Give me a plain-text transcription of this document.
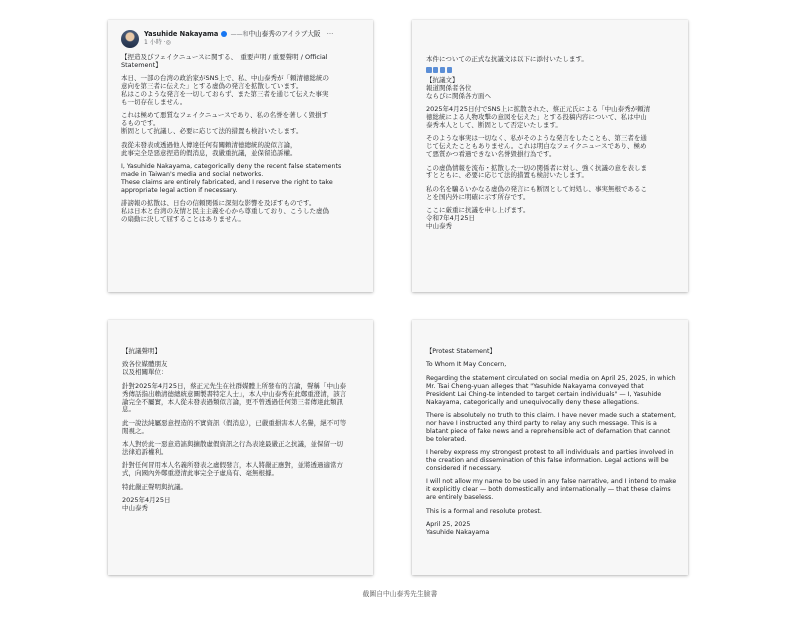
Yasuhide Nakayama ——和中山泰秀のアイラブ大阪 ···
1 小時 ·◎
【捏造及びフェイクニュースに関する、　重要声明 / 重要聲明 / Official
Statement】
本日、一部の台湾の政治家がSNS上で、私、中山泰秀が「頼清徳総統の
意向を第三者に伝えた」とする虚偽の発言を拡散しています。
私はこのような発言を一切しておらず、また第三者を通じて伝えた事実
も一切存在しません。
これは極めて悪質なフェイクニュースであり、私の名誉を著しく毀損す
るものです。
断固として抗議し、必要に応じて法的措置も検討いたします。
我從未發表或透過他人傳達任何有關賴清德總統的說似言論，
此事完全是惡意捏造的假消息，我嚴重抗議，並保留追訴權。
I, Yasuhide Nakayama, categorically deny the recent false statements
made in Taiwan's media and social networks.
These claims are entirely fabricated, and I reserve the right to take
appropriate legal action if necessary.
誹謗報の拡散は、日台の信頼関係に深刻な影響を及ぼすものです。
私は日本と台湾の友情と民主主義を心から尊重しており、こうした虚偽
の扇動に決して屈することはありません。
本件についての正式な抗議文は以下に添付いたします。
【抗議文】
報道関係者各位
ならびに関係各方面へ
2025年4月25日付でSNS上に拡散された、蔡正元氏による「中山泰秀が頼清
徳総統による人物攻撃の意図を伝えた」とする投稿内容について、私は中山
泰秀本人として、断固として否定いたします。
そのような事実は一切なく、私がそのような発言をしたことも、第三者を通
じて伝えたこともありません。これは明白なフェイクニュースであり、極め
て悪質かつ看過できない名誉毀損行為です。
この虚偽情報を流布・拡散した一切の関係者に対し、強く抗議の意を表しま
すとともに、必要に応じて法的措置も検討いたします。
私の名を騙るいかなる虚偽の発言にも断固として対処し、事実無根であるこ
とを国内外に明確に示す所存です。
ここに厳重に抗議を申し上げます。
令和7年4月25日
中山泰秀
【抗議聲明】
致各位媒體朋友
以及相關單位：
針對2025年4月25日，蔡正元先生在社群媒體上所發布的言論，聲稱「中山泰
秀傳話指出賴清德總統意圖製書特定人士」，本人中山泰秀在此鄭重澄清，該言
論完全不屬實，本人從未發表過類似言論，更不曾透過任何第三者傳達此類訊
息。
此一說法純屬惡意捏造的不實資訊（假消息），已嚴重損害本人名譽，絕不可等
閒視之。
本人對於此一惡意造謠與擴散虛假資訊之行為表達最嚴正之抗議，並保留一切
法律追訴權利。
針對任何冒用本人名義所發表之虛假發言，本人將嚴正應對，並將透過適當方
式，向國內外鄭重澄清此事完全子虛烏有、毫無根據。
特此嚴正聲明與抗議。
2025年4月25日
中山泰秀
【Protest Statement】
To Whom It May Concern,
Regarding the statement circulated on social media on April 25, 2025, in which
Mr. Tsai Cheng-yuan alleges that "Yasuhide Nakayama conveyed that
President Lai Ching-te intended to target certain individuals" — I, Yasuhide
Nakayama, categorically and unequivocally deny these allegations.
There is absolutely no truth to this claim. I have never made such a statement,
nor have I instructed any third party to relay any such message. This is a
blatant piece of fake news and a reprehensible act of defamation that cannot
be tolerated.
I hereby express my strongest protest to all individuals and parties involved in
the creation and dissemination of this false information. Legal actions will be
considered if necessary.
I will not allow my name to be used in any false narrative, and I intend to make
it explicitly clear — both domestically and internationally — that these claims
are entirely baseless.
This is a formal and resolute protest.
April 25, 2025
Yasuhide Nakayama
截圖自中山泰秀先生臉書
